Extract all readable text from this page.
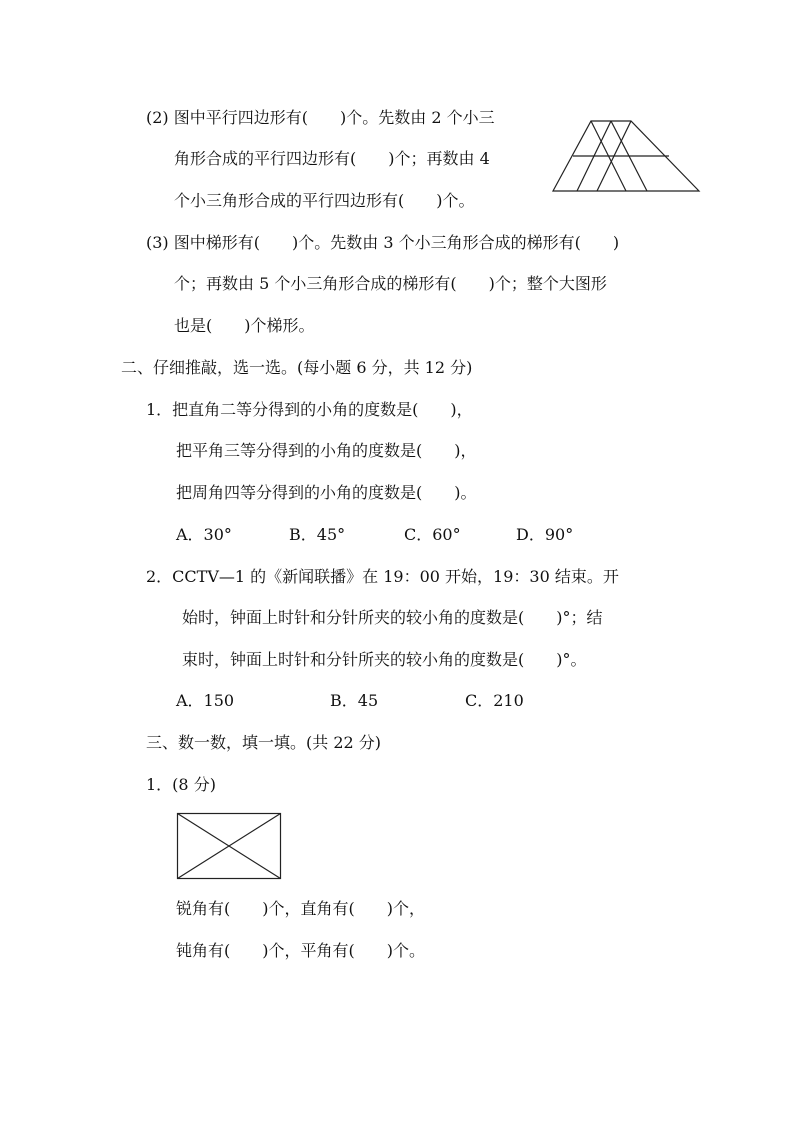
(2) 图中平行四边形有(　　)个。先数由 2 个小三

角形合成的平行四边形有(　　)个；再数由 4

个小三角形合成的平行四边形有(　　)个。

(3) 图中梯形有(　　)个。先数由 3 个小三角形合成的梯形有(　　)

个；再数由 5 个小三角形合成的梯形有(　　)个；整个大图形

也是(　　)个梯形。

二、仔细推敲，选一选。(每小题 6 分，共 12 分)

1．把直角二等分得到的小角的度数是(　　)，

把平角三等分得到的小角的度数是(　　)，

把周角四等分得到的小角的度数是(　　)。

A．30°	B．45°	C．60°	D．90°

2．CCTV—1 的《新闻联播》在 19：00 开始，19：30 结束。开

始时，钟面上时针和分针所夹的较小角的度数是(　　)°；结

束时，钟面上时针和分针所夹的较小角的度数是(　　)°。

A．150	B．45	C．210

三、数一数，填一填。(共 22 分)

1．(8 分)

锐角有(　　)个，直角有(　　)个，

钝角有(　　)个，平角有(　　)个。
